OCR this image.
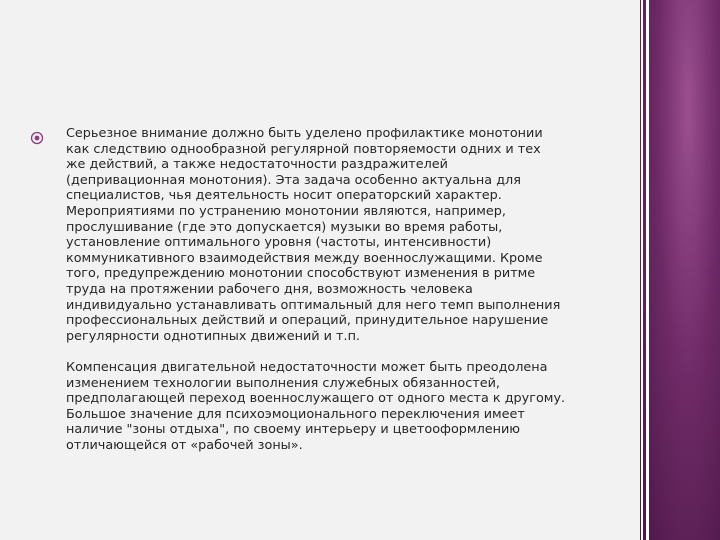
Серьезное внимание должно быть уделено профилактике монотонии
как следствию однообразной регулярной повторяемости одних и тех
же действий, а также недостаточности раздражителей
(депривационная монотония). Эта задача особенно актуальна для
специалистов, чья деятельность носит операторский характер.
Мероприятиями по устранению монотонии являются, например,
прослушивание (где это допускается) музыки во время работы,
установление оптимального уровня (частоты, интенсивности)
коммуникативного взаимодействия между военнослужащими. Кроме
того, предупреждению монотонии способствуют изменения в ритме
труда на протяжении рабочего дня, возможность человека
индивидуально устанавливать оптимальный для него темп выполнения
профессиональных действий и операций, принудительное нарушение
регулярности однотипных движений и т.п.
Компенсация двигательной недостаточности может быть преодолена
изменением технологии выполнения служебных обязанностей,
предполагающей переход военнослужащего от одного места к другому.
Большое значение для психоэмоционального переключения имеет
наличие "зоны отдыха", по своему интерьеру и цветооформлению
отличающейся от «рабочей зоны».
